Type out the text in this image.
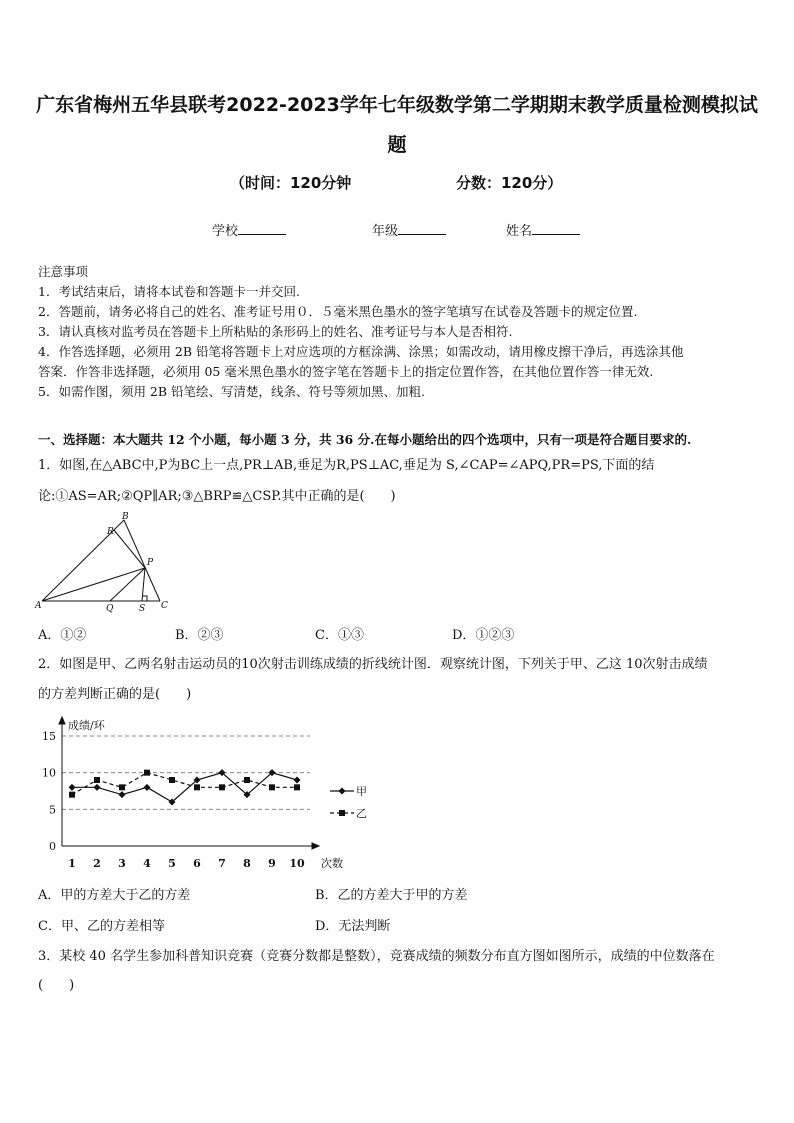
广东省梅州五华县联考2022-2023学年七年级数学第二学期期末教学质量检测模拟试
题
（时间：120分钟	分数：120分）
学校	年级	姓名
注意事项
1．考试结束后，请将本试卷和答题卡一并交回.
2．答题前，请务必将自己的姓名、准考证号用０．５毫米黑色墨水的签字笔填写在试卷及答题卡的规定位置.
3．请认真核对监考员在答题卡上所粘贴的条形码上的姓名、准考证号与本人是否相符.
4．作答选择题，必须用 2B 铅笔将答题卡上对应选项的方框涂满、涂黑；如需改动，请用橡皮擦干净后，再选涂其他
答案．作答非选择题，必须用 05 毫米黑色墨水的签字笔在答题卡上的指定位置作答，在其他位置作答一律无效.
5．如需作图，须用 2B 铅笔绘、写清楚，线条、符号等须加黑、加粗.
一、选择题：本大题共 12 个小题，每小题 3 分，共 36 分.在每小题给出的四个选项中，只有一项是符合题目要求的.
1．如图,在△ABC中,P为BC上一点,PR⊥AB,垂足为R,PS⊥AC,垂足为 S,∠CAP=∠APQ,PR=PS,下面的结
论:①AS=AR;②QP∥AR;③△BRP≌△CSP.其中正确的是(　　)
A
B
C
P
Q
R
S
A．①②	B．②③	C．①③	D．①②③
2．如图是甲、乙两名射击运动员的10次射击训练成绩的折线统计图．观察统计图，下列关于甲、乙这 10次射击成绩
的方差判断正确的是(　　)
0
5
10
15
1 2 3 4 5 6 7 8 9 10
成绩/环
次数
甲
乙
A．甲的方差大于乙的方差	B．乙的方差大于甲的方差
C．甲、乙的方差相等	D．无法判断
3．某校 40 名学生参加科普知识竞赛（竞赛分数都是整数），竞赛成绩的频数分布直方图如图所示，成绩的中位数落在
(　　)
